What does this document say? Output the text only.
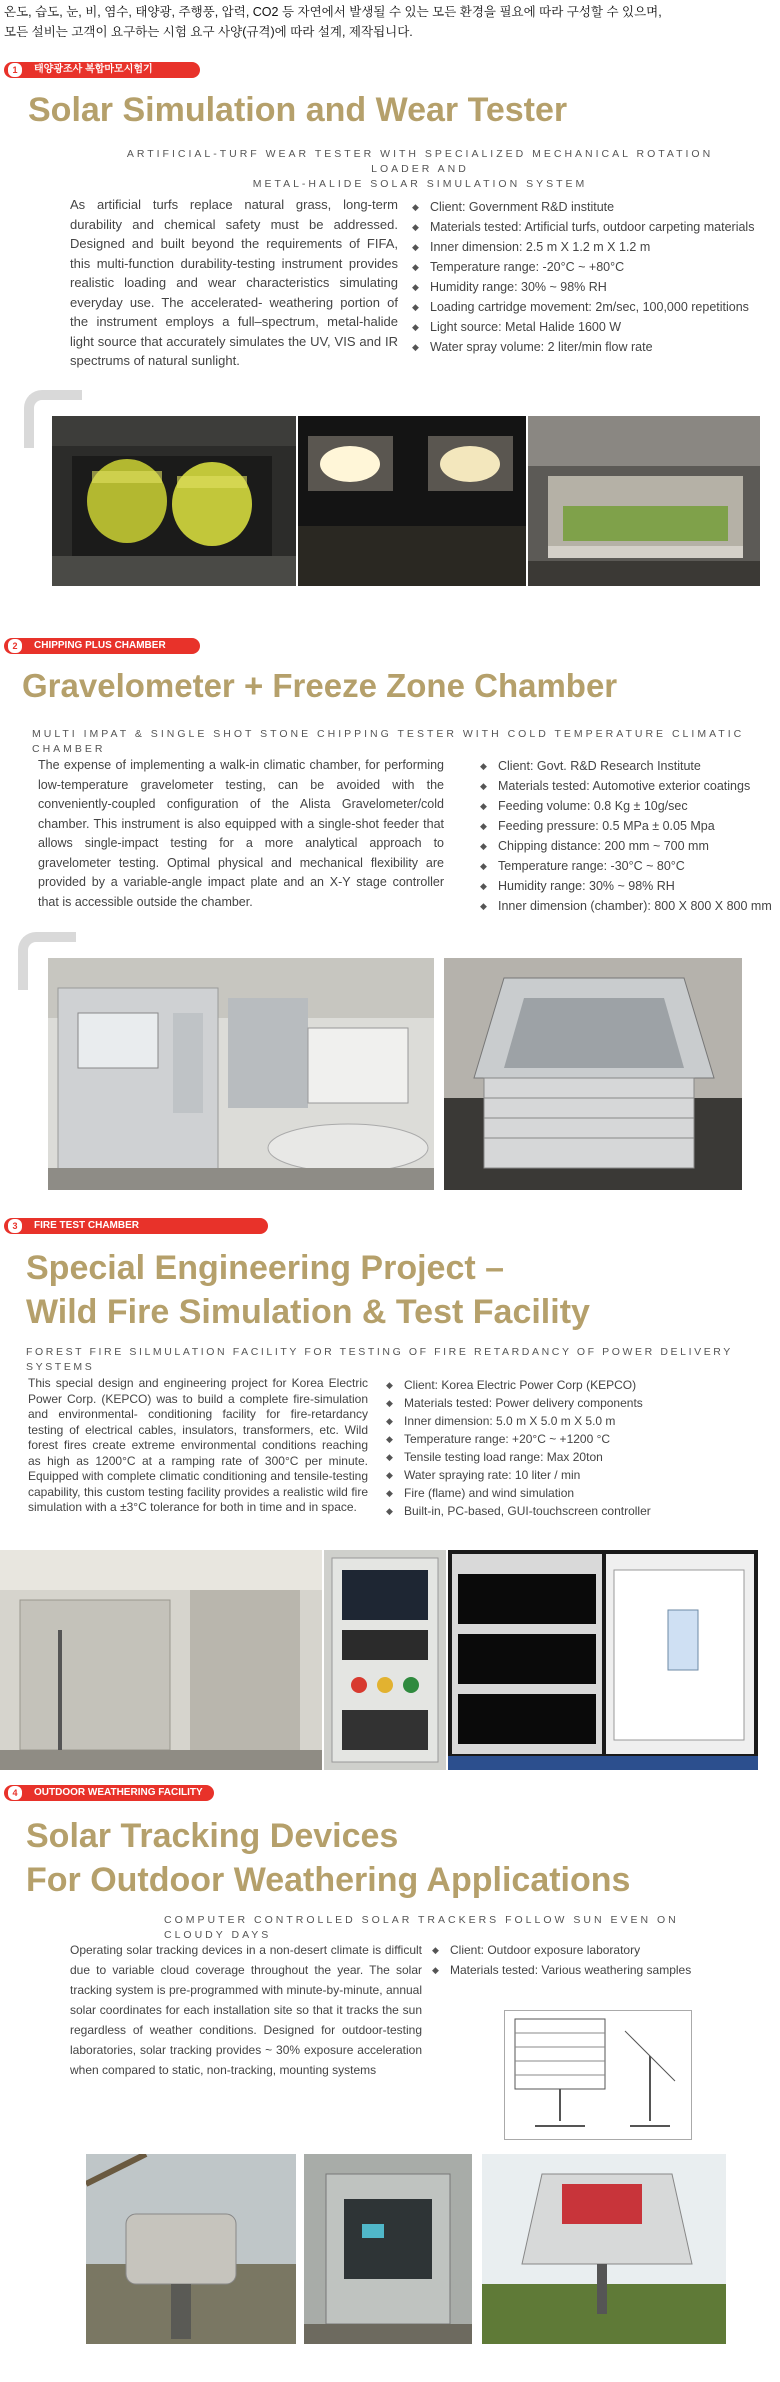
온도, 습도, 눈, 비, 염수, 태양광, 주행풍, 압력, CO2 등 자연에서 발생될 수 있는 모든 환경을 필요에 따라 구성할 수 있으며,
모든 설비는 고객이 요구하는 시험 요구 사양(규격)에 따라 설계, 제작됩니다.
1	태양광조사 복합마모시험기
Solar Simulation and Wear Tester
ARTIFICIAL-TURF WEAR TESTER WITH SPECIALIZED MECHANICAL ROTATION LOADER AND
METAL-HALIDE SOLAR SIMULATION SYSTEM
As artificial turfs replace natural grass, long-term durability and chemical safety must be addressed. Designed and built beyond the requirements of FIFA, this multi-function durability-testing instrument provides realistic loading and wear characteristics simulating everyday use. The accelerated- weathering portion of the instrument employs a full–spectrum, metal-halide light source that accurately simulates the UV, VIS and IR spectrums of natural sunlight.
◆ Client: Government R&D institute
◆ Materials tested: Artificial turfs, outdoor carpeting materials
◆ Inner dimension: 2.5 m X 1.2 m X 1.2 m
◆ Temperature range: -20°C ~ +80°C
◆ Humidity range: 30% ~ 98% RH
◆ Loading cartridge movement: 2m/sec, 100,000 repetitions
◆ Light source: Metal Halide 1600 W
◆ Water spray volume: 2 liter/min flow rate
2	CHIPPING PLUS CHAMBER
Gravelometer + Freeze Zone Chamber
MULTI IMPAT & SINGLE SHOT STONE CHIPPING TESTER WITH COLD TEMPERATURE CLIMATIC CHAMBER
The expense of implementing a walk-in climatic chamber, for performing low-temperature gravelometer testing, can be avoided with the conveniently-coupled configuration of the Alista Gravelometer/cold chamber. This instrument is also equipped with a single-shot feeder that allows single-impact testing for a more analytical approach to gravelometer testing. Optimal physical and mechanical flexibility are provided by a variable-angle impact plate and an X-Y stage controller that is accessible outside the chamber.
◆ Client: Govt. R&D Research Institute
◆ Materials tested: Automotive exterior coatings
◆ Feeding volume: 0.8 Kg ± 10g/sec
◆ Feeding pressure: 0.5 MPa ± 0.05 Mpa
◆ Chipping distance: 200 mm ~ 700 mm
◆ Temperature range: -30°C ~ 80°C
◆ Humidity range: 30% ~ 98% RH
◆ Inner dimension (chamber): 800 X 800 X 800 mm
3	FIRE TEST CHAMBER
Special Engineering Project –
Wild Fire Simulation & Test Facility
FOREST FIRE SILMULATION FACILITY FOR TESTING OF FIRE RETARDANCY OF POWER DELIVERY SYSTEMS
This special design and engineering project for Korea Electric Power Corp. (KEPCO) was to build a complete fire-simulation and environmental- conditioning facility for fire-retardancy testing of electrical cables, insulators, transformers, etc. Wild forest fires create extreme environmental conditions reaching as high as 1200°C at a ramping rate of 300°C per minute. Equipped with complete climatic conditioning and tensile-testing capability, this custom testing facility provides a realistic wild fire simulation with a ±3°C tolerance for both in time and in space.
◆ Client: Korea Electric Power Corp (KEPCO)
◆ Materials tested: Power delivery components
◆ Inner dimension: 5.0 m X 5.0 m X 5.0 m
◆ Temperature range: +20°C ~ +1200 °C
◆ Tensile testing load range: Max 20ton
◆ Water spraying rate: 10 liter / min
◆ Fire (flame) and wind simulation
◆ Built-in, PC-based, GUI-touchscreen controller
4	OUTDOOR WEATHERING FACILITY
Solar Tracking Devices
For Outdoor Weathering Applications
COMPUTER CONTROLLED SOLAR TRACKERS FOLLOW SUN EVEN ON CLOUDY DAYS
Operating solar tracking devices in a non-desert climate is difficult due to variable cloud coverage throughout the year. The solar tracking system is pre-programmed with minute-by-minute, annual solar coordinates for each installation site so that it tracks the sun regardless of weather conditions. Designed for outdoor-testing laboratories, solar tracking provides ~ 30% exposure acceleration when compared to static, non-tracking, mounting systems
◆ Client: Outdoor exposure laboratory
◆ Materials tested: Various weathering samples
